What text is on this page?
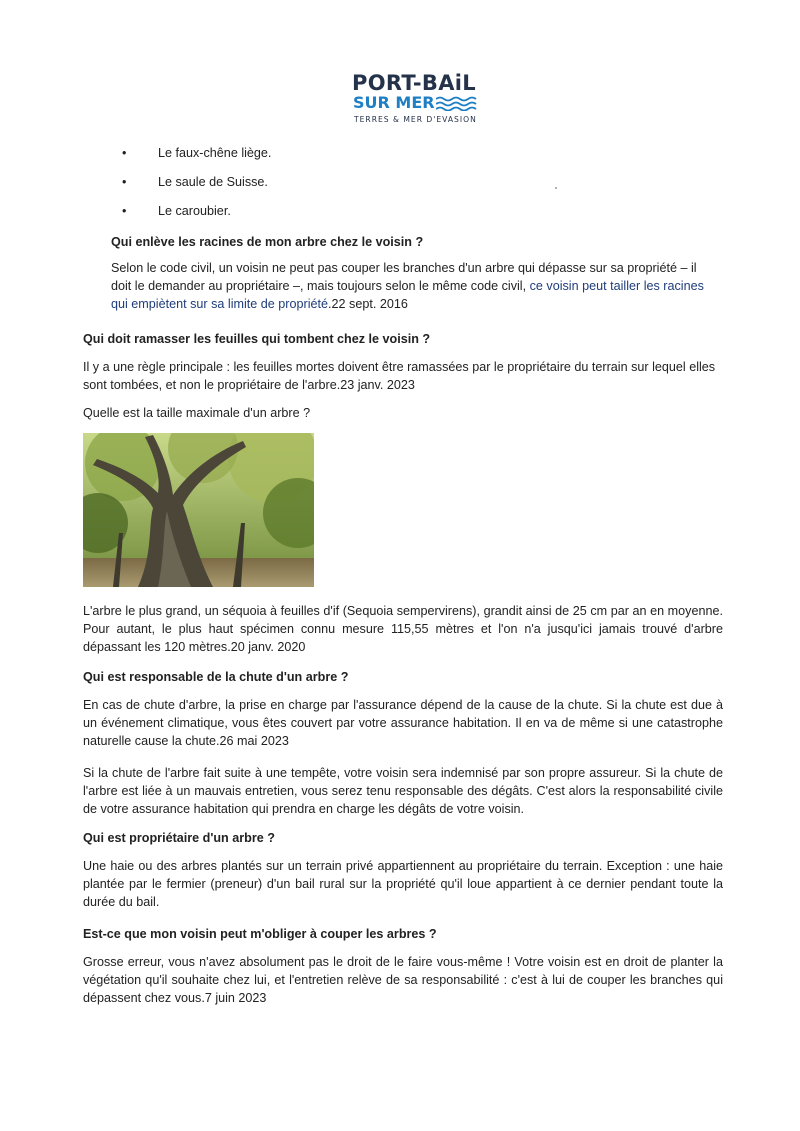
PORT-BAiL
SUR MER
TERRES & MER D'EVASION
•	Le faux-chêne liège.
•	Le saule de Suisse.
•	Le caroubier.
Qui enlève les racines de mon arbre chez le voisin ?
Selon le code civil, un voisin ne peut pas couper les branches d'un arbre qui dépasse sur sa propriété – il
doit le demander au propriétaire –, mais toujours selon le même code civil, ce voisin peut tailler les racines
qui empiètent sur sa limite de propriété.22 sept. 2016
Qui doit ramasser les feuilles qui tombent chez le voisin ?
Il y a une règle principale : les feuilles mortes doivent être ramassées par le propriétaire du terrain sur lequel elles sont tombées, et non le propriétaire de l'arbre.23 janv. 2023
Quelle est la taille maximale d'un arbre ?
L'arbre le plus grand, un séquoia à feuilles d'if (Sequoia sempervirens), grandit ainsi de 25 cm par an en moyenne. Pour autant, le plus haut spécimen connu mesure 115,55 mètres et l'on n'a jusqu'ici jamais trouvé d'arbre dépassant les 120 mètres.20 janv. 2020
Qui est responsable de la chute d'un arbre ?
En cas de chute d'arbre, la prise en charge par l'assurance dépend de la cause de la chute. Si la chute est due à un événement climatique, vous êtes couvert par votre assurance habitation. Il en va de même si une catastrophe naturelle cause la chute.26 mai 2023
Si la chute de l'arbre fait suite à une tempête, votre voisin sera indemnisé par son propre assureur. Si la chute de l'arbre est liée à un mauvais entretien, vous serez tenu responsable des dégâts. C'est alors la responsabilité civile de votre assurance habitation qui prendra en charge les dégâts de votre voisin.
Qui est propriétaire d'un arbre ?
Une haie ou des arbres plantés sur un terrain privé appartiennent au propriétaire du terrain. Exception : une haie plantée par le fermier (preneur) d'un bail rural sur la propriété qu'il loue appartient à ce dernier pendant toute la durée du bail.
Est-ce que mon voisin peut m'obliger à couper les arbres ?
Grosse erreur, vous n'avez absolument pas le droit de le faire vous-même ! Votre voisin est en droit de planter la végétation qu'il souhaite chez lui, et l'entretien relève de sa responsabilité : c'est à lui de couper les branches qui dépassent chez vous.7 juin 2023
